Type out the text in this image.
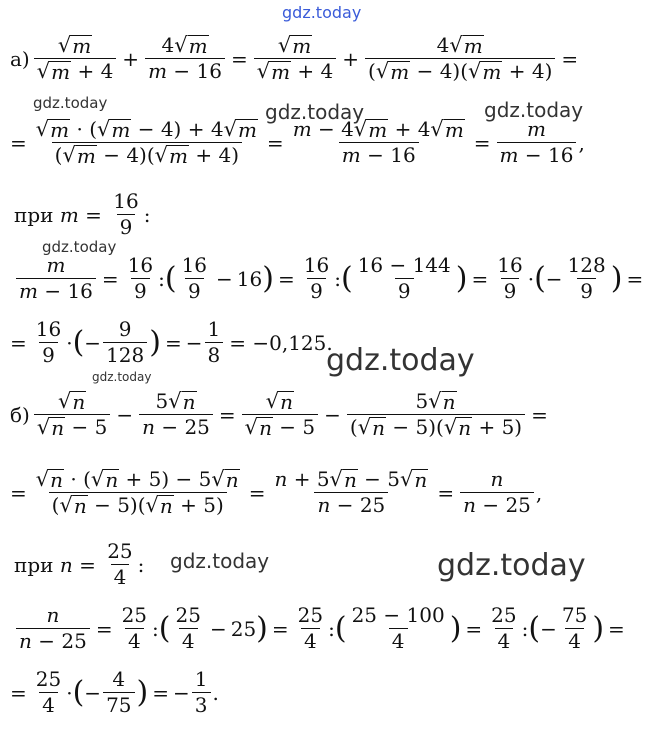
gdz.today
gdz.today	gdz.today	gdz.today
gdz.today
gdz.today
gdz.today
gdz.today	gdz.today
$а) \frac{√ m}{√ m + 4} + \frac{4 √ m}{m - 16} = \frac{√ m}{√ m + 4} + \frac{4 √ m}{( √ m - 4)( √ m + 4)}$ =
= $\frac{√ m \cdot ( √ m - 4) + 4 √ m}{( √ m - 4)( √ m + 4)} = \frac{m - 4 √ m + 4 √ m}{m - 16} = \frac{m}{m - 16}$ ,
при
$m = \frac{16}{9}$ :
$\frac{m}{m - 16} = \frac{16}{9}$ : ( $\frac{16}{9} - 16$ ) = $\frac{16}{9}$ : ( $\frac{16 - 144}{9}$ ) = $\frac{16}{9}$ · ( − $\frac{128}{9}$ ) =
= $\frac{16}{9}$ · ( − $\frac{9}{128}$ ) = − $\frac{1}{8} = -0,125$.
$б) \frac{√ n}{√ n - 5} - \frac{5 √ n}{n - 25} = \frac{√ n}{√ n - 5} - \frac{5 √ n}{( √ n - 5)( √ n + 5)}$ =
= $\frac{√ n \cdot ( √ n + 5) - 5 √ n}{( √ n - 5)( √ n + 5)} = \frac{n + 5 √ n - 5 √ n}{n - 25} = \frac{n}{n - 25}$ ,
при
$n = \frac{25}{4}$ :
$\frac{n}{n - 25} = \frac{25}{4}$ : ( $\frac{25}{4} - 25$ ) = $\frac{25}{4}$ : ( $\frac{25 - 100}{4}$ ) = $\frac{25}{4}$ : ( − $\frac{75}{4}$ ) =
= $\frac{25}{4}$ · ( − $\frac{4}{75}$ ) = − $\frac{1}{3}$ .
